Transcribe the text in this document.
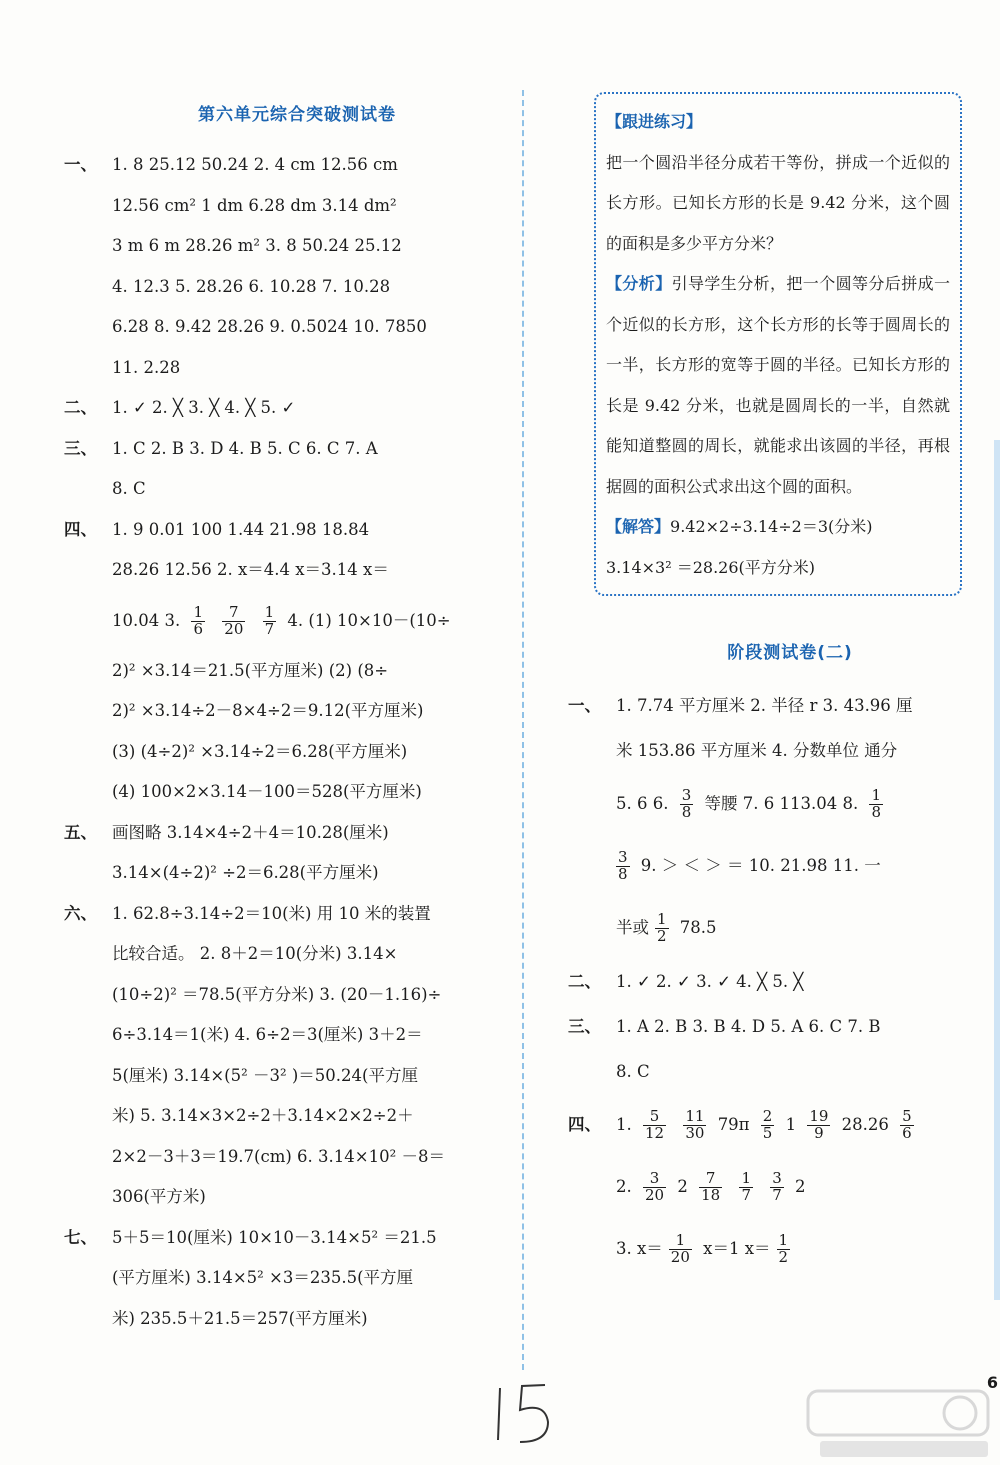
第六单元综合突破测试卷
一、 1. 8 25.12 50.24 2. 4 cm 12.56 cm
12.56 cm² 1 dm 6.28 dm 3.14 dm²
3 m 6 m 28.26 m² 3. 8 50.24 25.12
4. 12.3 5. 28.26 6. 10.28 7. 10.28
6.28 8. 9.42 28.26 9. 0.5024 10. 7850
11. 2.28
二、 1. ✓ 2. ╳ 3. ╳ 4. ╳ 5. ✓
三、 1. C 2. B 3. D 4. B 5. C 6. C 7. A
8. C
四、 1. 9 0.01 100 1.44 21.98 18.84
28.26 12.56 2. x＝4.4 x＝3.14 x＝
10.04 3. $\frac{1}{6}$
$\frac{7}{20}$
$\frac{1}{7} 4$. (1) 10×10－(10÷
2)² ×3.14＝21.5(平方厘米) (2) (8÷
2)² ×3.14÷2－8×4÷2＝9.12(平方厘米)
(3) (4÷2)² ×3.14÷2＝6.28(平方厘米)
(4) 100×2×3.14－100＝528(平方厘米)
五、 画图略 3.14×4÷2＋4＝10.28(厘米)
3.14×(4÷2)² ÷2＝6.28(平方厘米)
六、 1. 62.8÷3.14÷2＝10(米) 用 10 米的装置
比较合适。 2. 8＋2＝10(分米) 3.14×
(10÷2)² ＝78.5(平方分米) 3. (20－1.16)÷
6÷3.14＝1(米) 4. 6÷2＝3(厘米) 3＋2＝
5(厘米) 3.14×(5² －3² )＝50.24(平方厘
米) 5. 3.14×3×2÷2＋3.14×2×2÷2＋
2×2－3＋3＝19.7(cm) 6. 3.14×10² －8＝
306(平方米)
七、 5＋5＝10(厘米) 10×10－3.14×5² ＝21.5
(平方厘米) 3.14×5² ×3＝235.5(平方厘
米) 235.5＋21.5＝257(平方厘米)

【跟进练习】

把一个圆沿半径分成若干等份，拼成一个近似的长方形。已知长方形的长是 9.42 分米，这个圆的面积是多少平方分米？

【分析】引导学生分析，把一个圆等分后拼成一个近似的长方形，这个长方形的长等于圆周长的一半，长方形的宽等于圆的半径。已知长方形的长是 9.42 分米，也就是圆周长的一半，自然就能知道整圆的周长，就能求出该圆的半径，再根据圆的面积公式求出这个圆的面积。

【解答】9.42×2÷3.14÷2＝3(分米)

3.14×3² ＝28.26(平方分米)

阶段测试卷(二)
一、 1. 7.74 平方厘米 2. 半径 r 3. 43.96 厘
米 153.86 平方厘米 4. 分数单位 通分
5. 6 6. $\frac{3}{8}$ 等腰 7. 6 113.04 8. $\frac{1}{8}$
$\frac{3}{8} 9$. ＞ ＜ ＞ ＝ 10. 21.98 11. 一
半或 $\frac{1}{2} 78.5$
二、 1. ✓ 2. ✓ 3. ✓ 4. ╳ 5. ╳
三、 1. A 2. B 3. B 4. D 5. A 6. C 7. B
8. C
四、 1. $\frac{5}{12}$
$\frac{11}{30} 79\pi \frac{2}{5} 1 \frac{19}{9} 28.26 \frac{5}{6}$
2. $\frac{3}{20} 2 \frac{7}{18}$
$\frac{1}{7}$
$\frac{3}{7} 2$
3. $x= \frac{1}{20} x=1$ $x= \frac{1}{2}$
6
